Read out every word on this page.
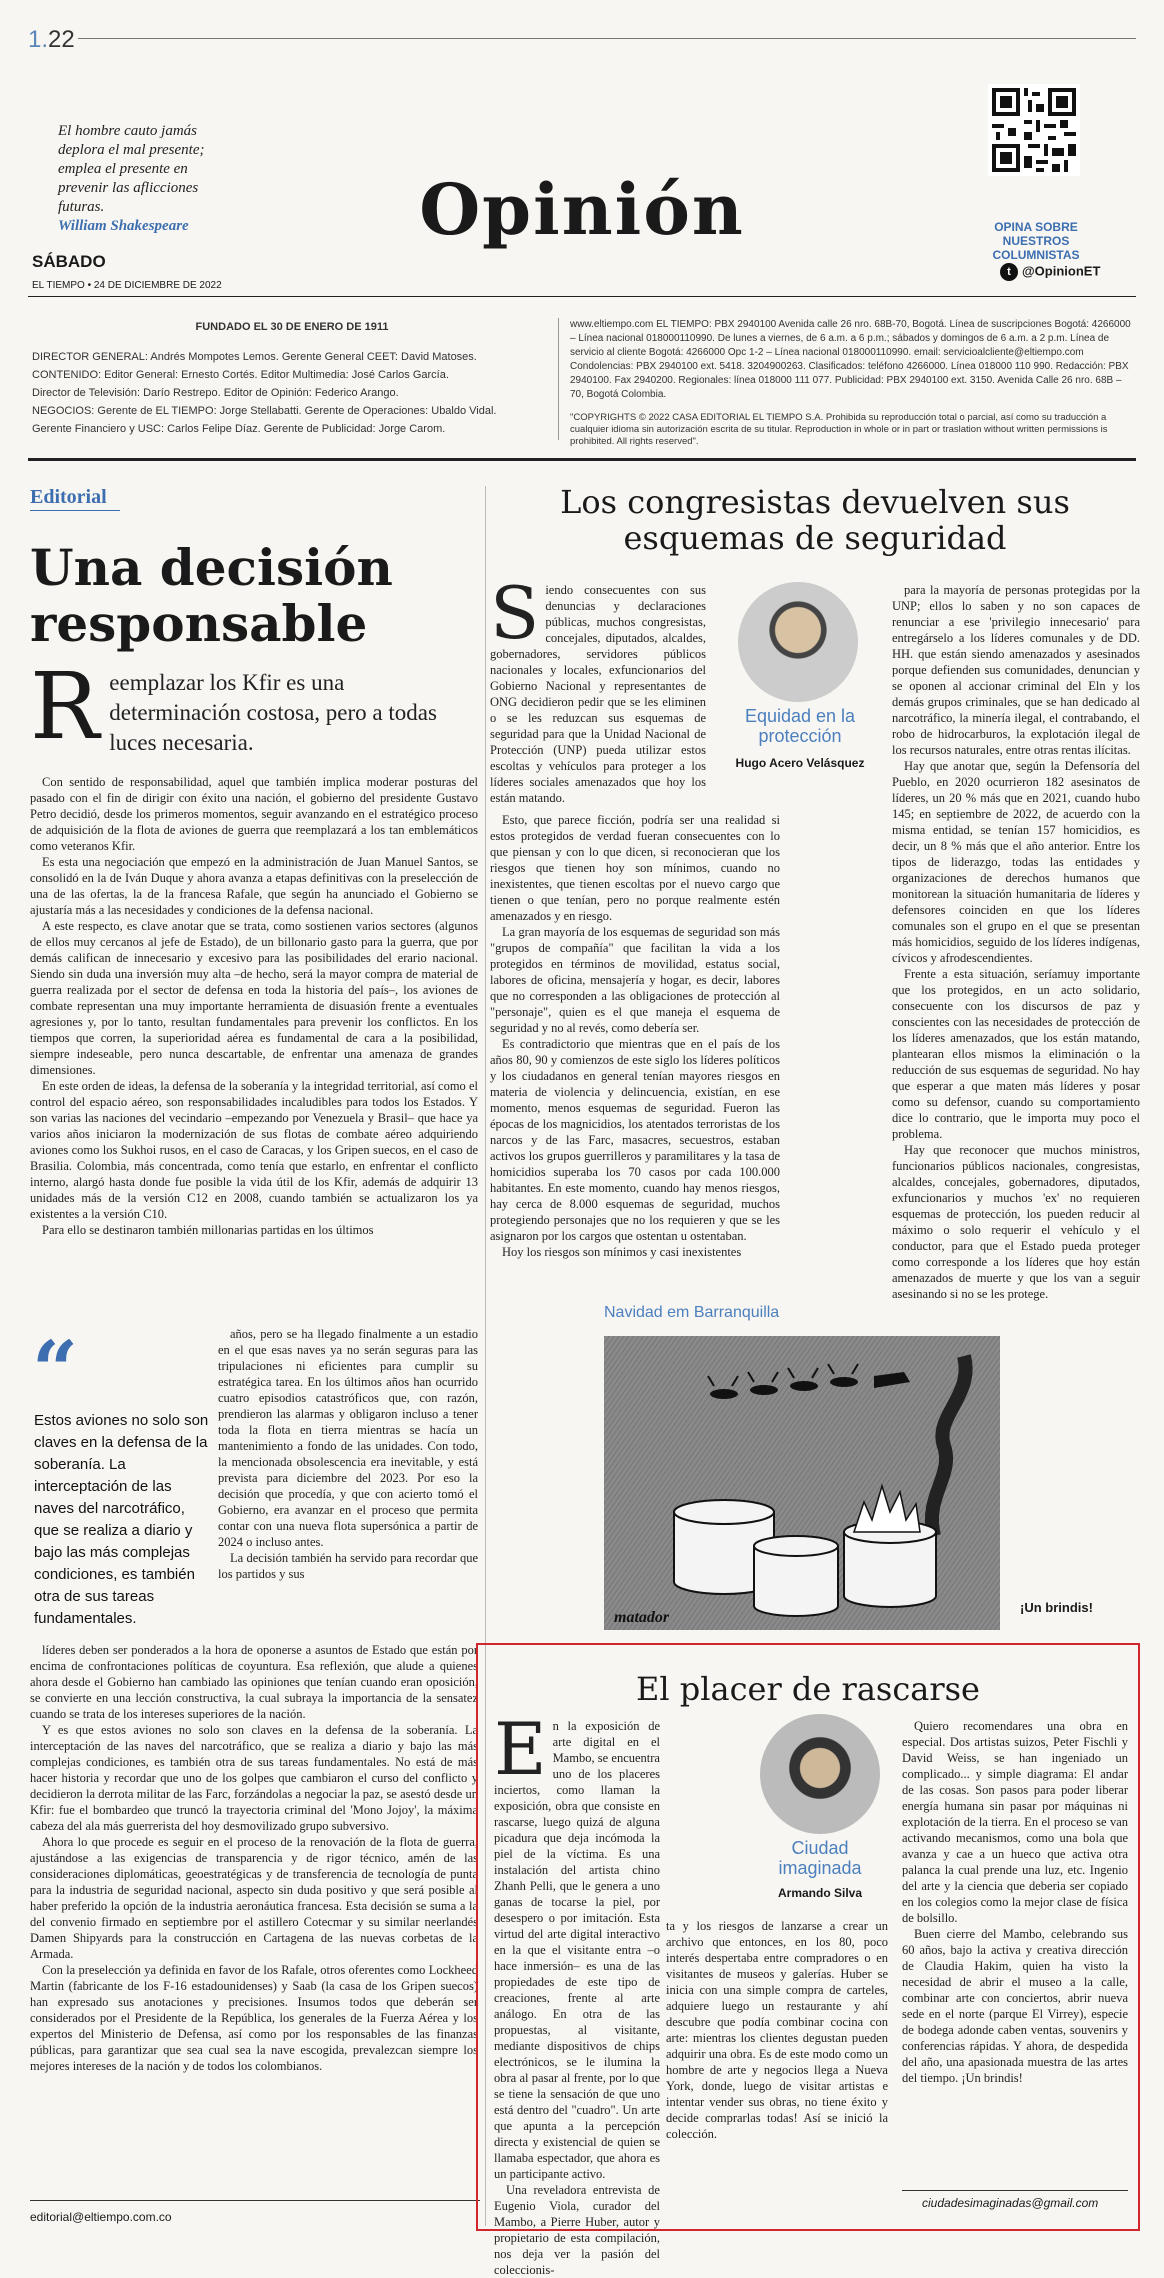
1.22
El hombre cauto jamás deplora el mal presente; emplea el presente en prevenir las aflicciones futuras.
William Shakespeare	Opinión	OPINA SOBRE NUESTROS COLUMNISTAS
t @OpinionET
SÁBADO
EL TIEMPO • 24 DE DICIEMBRE DE 2022
FUNDADO EL 30 DE ENERO DE 1911
DIRECTOR GENERAL: Andrés Mompotes Lemos. Gerente General CEET: David Matoses.
CONTENIDO: Editor General: Ernesto Cortés. Editor Multimedia: José Carlos García.
Director de Televisión: Darío Restrepo. Editor de Opinión: Federico Arango.
NEGOCIOS: Gerente de EL TIEMPO: Jorge Stellabatti. Gerente de Operaciones: Ubaldo Vidal.
Gerente Financiero y USC: Carlos Felipe Díaz. Gerente de Publicidad: Jorge Carom.
www.eltiempo.com EL TIEMPO: PBX 2940100 Avenida calle 26 nro. 68B-70, Bogotá. Línea de suscripciones Bogotá: 4266000 – Línea nacional 018000110990. De lunes a viernes, de 6 a.m. a 6 p.m.; sábados y domingos de 6 a.m. a 2 p.m. Línea de servicio al cliente Bogotá: 4266000 Opc 1-2 – Línea nacional 018000110990. email: servicioalcliente@eltiempo.com Condolencias: PBX 2940100 ext. 5418. 3204900263. Clasificados: teléfono 4266000. Línea 018000 110 990. Redacción: PBX 2940100. Fax 2940200. Regionales: línea 018000 111 077. Publicidad: PBX 2940100 ext. 3150. Avenida Calle 26 nro. 68B – 70, Bogotá Colombia.
"COPYRIGHTS © 2022 CASA EDITORIAL EL TIEMPO S.A. Prohibida su reproducción total o parcial, así como su traducción a cualquier idioma sin autorización escrita de su titular. Reproduction in whole or in part or traslation without written permissions is prohibited. All rights reserved".
Editorial
Una decisión responsable
R eemplazar los Kfir es una determinación costosa, pero a todas luces necesaria.

Con sentido de responsabilidad, aquel que también implica moderar posturas del pasado con el fin de dirigir con éxito una nación, el gobierno del presidente Gustavo Petro decidió, desde los primeros momentos, seguir avanzando en el estratégico proceso de adquisición de la flota de aviones de guerra que reemplazará a los tan emblemáticos como veteranos Kfir.

Es esta una negociación que empezó en la administración de Juan Manuel Santos, se consolidó en la de Iván Duque y ahora avanza a etapas definitivas con la preselección de una de las ofertas, la de la francesa Rafale, que según ha anunciado el Gobierno se ajustaría más a las necesidades y condiciones de la defensa nacional.

A este respecto, es clave anotar que se trata, como sostienen varios sectores (algunos de ellos muy cercanos al jefe de Estado), de un billonario gasto para la guerra, que por demás califican de innecesario y excesivo para las posibilidades del erario nacional. Siendo sin duda una inversión muy alta –de hecho, será la mayor compra de material de guerra realizada por el sector de defensa en toda la historia del país–, los aviones de combate representan una muy importante herramienta de disuasión frente a eventuales agresiones y, por lo tanto, resultan fundamentales para prevenir los conflictos. En los tiempos que corren, la superioridad aérea es fundamental de cara a la posibilidad, siempre indeseable, pero nunca descartable, de enfrentar una amenaza de grandes dimensiones.

En este orden de ideas, la defensa de la soberanía y la integridad territorial, así como el control del espacio aéreo, son responsabilidades incaludibles para todos los Estados. Y son varias las naciones del vecindario –empezando por Venezuela y Brasil– que hace ya varios años iniciaron la modernización de sus flotas de combate aéreo adquiriendo aviones como los Sukhoi rusos, en el caso de Caracas, y los Gripen suecos, en el caso de Brasilia. Colombia, más concentrada, como tenía que estarlo, en enfrentar el conflicto interno, alargó hasta donde fue posible la vida útil de los Kfir, además de adquirir 13 unidades más de la versión C12 en 2008, cuando también se actualizaron los ya existentes a la versión C10.

Para ello se destinaron también millonarias partidas en los últimos

“
Estos aviones no solo son claves en la defensa de la soberanía. La interceptación de las naves del narcotráfico, que se realiza a diario y bajo las más complejas condiciones, es también otra de sus tareas fundamentales.

años, pero se ha llegado finalmente a un estadio en el que esas naves ya no serán seguras para las tripulaciones ni eficientes para cumplir su estratégica tarea. En los últimos años han ocurrido cuatro episodios catastróficos que, con razón, prendieron las alarmas y obligaron incluso a tener toda la flota en tierra mientras se hacía un mantenimiento a fondo de las unidades. Con todo, la mencionada obsolescencia era inevitable, y está prevista para diciembre del 2023. Por eso la decisión que procedía, y que con acierto tomó el Gobierno, era avanzar en el proceso que permita contar con una nueva flota supersónica a partir de 2024 o incluso antes.

La decisión también ha servido para recordar que los partidos y sus

líderes deben ser ponderados a la hora de oponerse a asuntos de Estado que están por encima de confrontaciones políticas de coyuntura. Esa reflexión, que alude a quienes ahora desde el Gobierno han cambiado las opiniones que tenían cuando eran oposición, se convierte en una lección constructiva, la cual subraya la importancia de la sensatez cuando se trata de los intereses superiores de la nación.

Y es que estos aviones no solo son claves en la defensa de la soberanía. La interceptación de las naves del narcotráfico, que se realiza a diario y bajo las más complejas condiciones, es también otra de sus tareas fundamentales. No está de más hacer historia y recordar que uno de los golpes que cambiaron el curso del conflicto y decidieron la derrota militar de las Farc, forzándolas a negociar la paz, se asestó desde un Kfir: fue el bombardeo que truncó la trayectoria criminal del 'Mono Jojoy', la máxima cabeza del ala más guerrerista del hoy desmovilizado grupo subversivo.

Ahora lo que procede es seguir en el proceso de la renovación de la flota de guerra, ajustándose a las exigencias de transparencia y de rigor técnico, amén de las consideraciones diplomáticas, geoestratégicas y de transferencia de tecnología de punta para la industria de seguridad nacional, aspecto sin duda positivo y que será posible al haber preferido la opción de la industria aeronáutica francesa. Esta decisión se suma a la del convenio firmado en septiembre por el astillero Cotecmar y su similar neerlandés Damen Shipyards para la construcción en Cartagena de las nuevas corbetas de la Armada.

Con la preselección ya definida en favor de los Rafale, otros oferentes como Lockheed Martin (fabricante de los F-16 estadounidenses) y Saab (la casa de los Gripen suecos) han expresado sus anotaciones y precisiones. Insumos todos que deberán ser considerados por el Presidente de la República, los generales de la Fuerza Aérea y los expertos del Ministerio de Defensa, así como por los responsables de las finanzas públicas, para garantizar que sea cual sea la nave escogida, prevalezcan siempre los mejores intereses de la nación y de todos los colombianos.

editorial@eltiempo.com.co
Los congresistas devuelven sus esquemas de seguridad
S iendo consecuentes con sus denuncias y declaraciones públicas, muchos congresistas, concejales, diputados, alcaldes, gobernadores, servidores públicos nacionales y locales, exfuncionarios del Gobierno Nacional y representantes de ONG decidieron pedir que se les eliminen o se les reduzcan sus esquemas de seguridad para que la Unidad Nacional de Protección (UNP) pueda utilizar estos escoltas y vehículos para proteger a los líderes sociales amenazados que hoy los están matando.
Equidad en la protección
Hugo Acero Velásquez

Esto, que parece ficción, podría ser una realidad si estos protegidos de verdad fueran consecuentes con lo que piensan y con lo que dicen, si reconocieran que los riesgos que tienen hoy son mínimos, cuando no inexistentes, que tienen escoltas por el nuevo cargo que tienen o que tenían, pero no porque realmente estén amenazados y en riesgo.

La gran mayoría de los esquemas de seguridad son más "grupos de compañía" que facilitan la vida a los protegidos en términos de movilidad, estatus social, labores de oficina, mensajería y hogar, es decir, labores que no corresponden a las obligaciones de protección al "personaje", quien es el que maneja el esquema de seguridad y no al revés, como debería ser.

Es contradictorio que mientras que en el país de los años 80, 90 y comienzos de este siglo los líderes políticos y los ciudadanos en general tenían mayores riesgos en materia de violencia y delincuencia, existían, en ese momento, menos esquemas de seguridad. Fueron las épocas de los magnicidios, los atentados terroristas de los narcos y de las Farc, masacres, secuestros, estaban activos los grupos guerrilleros y paramilitares y la tasa de homicidios superaba los 70 casos por cada 100.000 habitantes. En este momento, cuando hay menos riesgos, hay cerca de 8.000 esquemas de seguridad, muchos protegiendo personajes que no los requieren y que se les asignaron por los cargos que ostentan u ostentaban.

Hoy los riesgos son mínimos y casi inexistentes

para la mayoría de personas protegidas por la UNP; ellos lo saben y no son capaces de renunciar a ese 'privilegio innecesario' para entregárselo a los líderes comunales y de DD. HH. que están siendo amenazados y asesinados porque defienden sus comunidades, denuncian y se oponen al accionar criminal del Eln y los demás grupos criminales, que se han dedicado al narcotráfico, la minería ilegal, el contrabando, el robo de hidrocarburos, la explotación ilegal de los recursos naturales, entre otras rentas ilícitas.

Hay que anotar que, según la Defensoría del Pueblo, en 2020 ocurrieron 182 asesinatos de líderes, un 20 % más que en 2021, cuando hubo 145; en septiembre de 2022, de acuerdo con la misma entidad, se tenían 157 homicidios, es decir, un 8 % más que el año anterior. Entre los tipos de liderazgo, todas las entidades y organizaciones de derechos humanos que monitorean la situación humanitaria de líderes y defensores coinciden en que los líderes comunales son el grupo en el que se presentan más homicidios, seguido de los líderes indígenas, cívicos y afrodescendientes.

Frente a esta situación, seríamuy importante que los protegidos, en un acto solidario, consecuente con los discursos de paz y conscientes con las necesidades de protección de los líderes amenazados, que los están matando, plantearan ellos mismos la eliminación o la reducción de sus esquemas de seguridad. No hay que esperar a que maten más líderes y posar como su defensor, cuando su comportamiento dice lo contrario, que le importa muy poco el problema.

Hay que reconocer que muchos ministros, funcionarios públicos nacionales, congresistas, alcaldes, concejales, gobernadores, diputados, exfuncionarios y muchos 'ex' no requieren esquemas de protección, los pueden reducir al máximo o solo requerir el vehículo y el conductor, para que el Estado pueda proteger como corresponde a los líderes que hoy están amenazados de muerte y que los van a seguir asesinando si no se les protege.

Navidad em Barranquilla
matador
¡Un brindis!
El placer de rascarse
Ciudad imaginada
Armando Silva
E n la exposición de arte digital en el Mambo, se encuentra uno de los placeres inciertos, como llaman la exposición, obra que consiste en rascarse, luego quizá de alguna picadura que deja incómoda la piel de la víctima. Es una instalación del artista chino Zhanh Pelli, que le genera a uno ganas de tocarse la piel, por desespero o por imitación. Esta virtud del arte digital interactivo en la que el visitante entra –o hace inmersión– es una de las propiedades de este tipo de creaciones, frente al arte análogo. En otra de las propuestas, al visitante, mediante dispositivos de chips electrónicos, se le ilumina la obra al pasar al frente, por lo que se tiene la sensación de que uno está dentro del "cuadro". Un arte que apunta a la percepción directa y existencial de quien se llamaba espectador, que ahora es un participante activo.

Una reveladora entrevista de Eugenio Viola, curador del Mambo, a Pierre Huber, autor y propietario de esta compilación, nos deja ver la pasión del coleccionis-

ta y los riesgos de lanzarse a crear un archivo que entonces, en los 80, poco interés despertaba entre compradores o en visitantes de museos y galerías. Huber se inicia con una simple compra de carteles, adquiere luego un restaurante y ahí descubre que podía combinar cocina con arte: mientras los clientes degustan pueden adquirir una obra. Es de este modo como un hombre de arte y negocios llega a Nueva York, donde, luego de visitar artistas e intentar vender sus obras, no tiene éxito y decide comprarlas todas! Así se inició la colección.

Quiero recomendares una obra en especial. Dos artistas suizos, Peter Fischli y David Weiss, se han ingeniado un complicado... y simple diagrama: El andar de las cosas. Son pasos para poder liberar energía humana sin pasar por máquinas ni explotación de la tierra. En el proceso se van activando mecanismos, como una bola que avanza y cae a un hueco que activa otra palanca la cual prende una luz, etc. Ingenio del arte y la ciencia que deberia ser copiado en los colegios como la mejor clase de física de bolsillo.

Buen cierre del Mambo, celebrando sus 60 años, bajo la activa y creativa dirección de Claudia Hakim, quien ha visto la necesidad de abrir el museo a la calle, combinar arte con conciertos, abrir nueva sede en el norte (parque El Virrey), especie de bodega adonde caben ventas, souvenirs y conferencias rápidas. Y ahora, de despedida del año, una apasionada muestra de las artes del tiempo. ¡Un brindis!

ciudadesimaginadas@gmail.com
